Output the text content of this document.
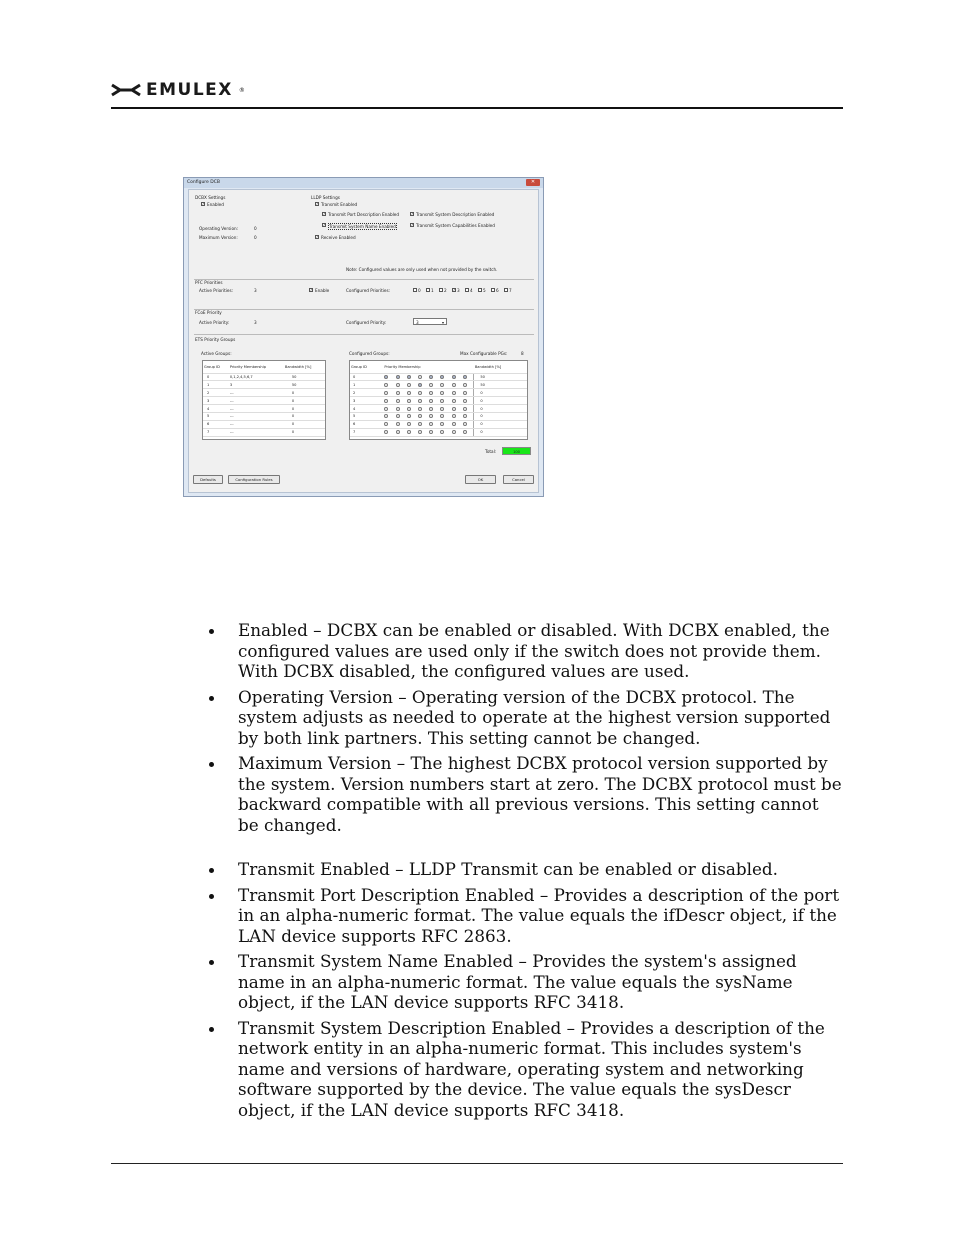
EMULEX ®
Configure DCB	✕
DCBX Settings
✓ Enabled
Operating Version:	0
Maximum Version:	0
LLDP Settings
✓ Transmit Enabled
✓ Transmit Port Description Enabled	✓ Transmit System Description Enabled
✓ Transmit System Name Enabled	✓ Transmit System Capabilities Enabled
✓ Receive Enabled
Note: Configured values are only used when not provided by the switch.
PFC Priorities
Active Priorities:	3	✓ Enable	Configured Priorities:	0 1 2 ✓ 3 4 5 6 7
FCoE Priority
Active Priority:	3	Configured Priority:	3	▾
ETS Priority Groups
Active Groups:	Configured Groups:	Max Configurable PGs:	8
Group ID	Priority Membership	Bandwidth [%]
0	0,1,2,4,5,6,7	50
1	3	50
2	---	0
3	---	0
4	---	0
5	---	0
6	---	0
7	---	0
Group ID	Priority Membership								Bandwidth [%]
0									50
1									50
2									0
3									0
4									0
5									0
6									0
7									0
Total:	100
Defaults	Configuration Rules	OK	Cancel
Enabled – DCBX can be enabled or disabled. With DCBX enabled, the configured values are used only if the switch does not provide them. With DCBX disabled, the configured values are used.
Operating Version – Operating version of the DCBX protocol. The system adjusts as needed to operate at the highest version supported by both link partners. This setting cannot be changed.
Maximum Version – The highest DCBX protocol version supported by the system. Version numbers start at zero. The DCBX protocol must be backward compatible with all previous versions. This setting cannot be changed.
Transmit Enabled – LLDP Transmit can be enabled or disabled.
Transmit Port Description Enabled – Provides a description of the port in an alpha-numeric format. The value equals the ifDescr object, if the LAN device supports RFC 2863.
Transmit System Name Enabled – Provides the system's assigned name in an alpha-numeric format. The value equals the sysName object, if the LAN device supports RFC 3418.
Transmit System Description Enabled – Provides a description of the network entity in an alpha-numeric format. This includes system's name and versions of hardware, operating system and networking software supported by the device. The value equals the sysDescr object, if the LAN device supports RFC 3418.
